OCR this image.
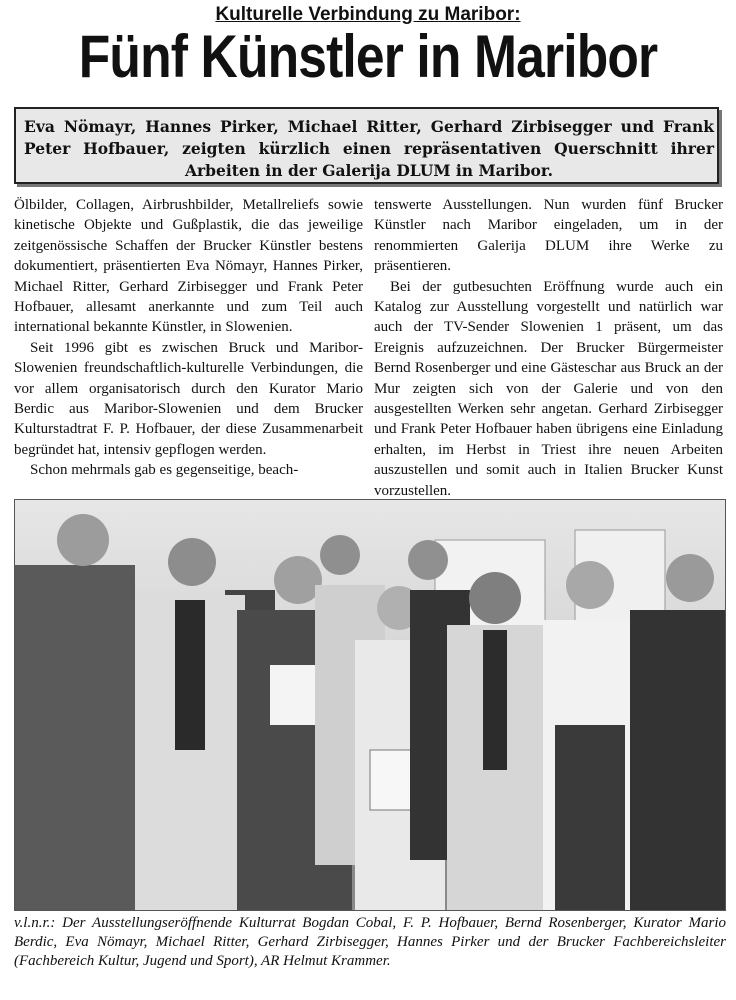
Kulturelle Verbindung zu Maribor:
Fünf Künstler in Maribor
Eva Nömayr, Hannes Pirker, Michael Ritter, Gerhard Zirbisegger und Frank Peter Hofbauer, zeigten kürzlich einen repräsentativen Querschnitt ihrer Arbeiten in der Galerija DLUM in Maribor.

Ölbilder, Collagen, Airbrushbilder, Metallreliefs sowie kinetische Objekte und Gußplastik, die das jeweilige zeitgenössische Schaffen der Brucker Künstler bestens dokumentiert, präsentierten Eva Nömayr, Hannes Pirker, Michael Ritter, Gerhard Zirbisegger und Frank Peter Hofbauer, allesamt anerkannte und zum Teil auch international bekannte Künstler, in Slowenien.

Seit 1996 gibt es zwischen Bruck und Maribor-Slowenien freundschaftlich-kulturelle Verbindungen, die vor allem organisatorisch durch den Kurator Mario Berdic aus Maribor-Slowenien und dem Brucker Kulturstadtrat F. P. Hofbauer, der diese Zusammenarbeit begründet hat, intensiv gepflogen werden.

Schon mehrmals gab es gegenseitige, beach-

tenswerte Ausstellungen. Nun wurden fünf Brucker Künstler nach Maribor eingeladen, um in der renommierten Galerija DLUM ihre Werke zu präsentieren.

Bei der gutbesuchten Eröffnung wurde auch ein Katalog zur Ausstellung vorgestellt und natürlich war auch der TV-Sender Slowenien 1 präsent, um das Ereignis aufzuzeichnen. Der Brucker Bürgermeister Bernd Rosenberger und eine Gästeschar aus Bruck an der Mur zeigten sich von der Galerie und von den ausgestellten Werken sehr angetan. Gerhard Zirbisegger und Frank Peter Hofbauer haben übrigens eine Einladung erhalten, im Herbst in Triest ihre neuen Arbeiten auszustellen und somit auch in Italien Brucker Kunst vorzustellen.

v.l.n.r.: Der Ausstellungseröffnende Kulturrat Bogdan Cobal, F. P. Hofbauer, Bernd Rosenberger, Kurator Mario Berdic, Eva Nömayr, Michael Ritter, Gerhard Zirbisegger, Hannes Pirker und der Brucker Fachbereichsleiter (Fachbereich Kultur, Jugend und Sport), AR Helmut Krammer.
